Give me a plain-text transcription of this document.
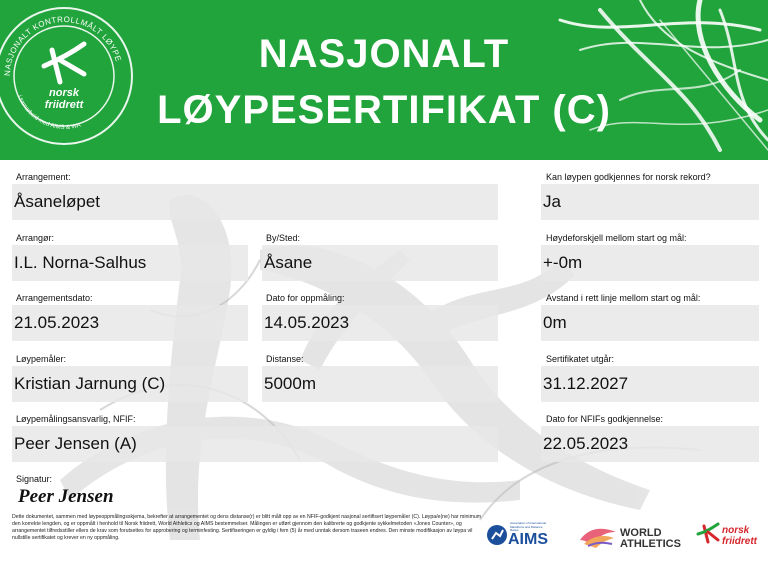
norsk
friidrett
NASJONALT KONTROLLMÅLT LØYPE
i samarbeid med AIMS & WA
NASJONALT
LØYPESERTIFIKAT (C)
Arrangement:
Åsaneløpet
Arrangør:
I.L. Norna-Salhus
Arrangementsdato:
21.05.2023
Løypemåler:
Kristian Jarnung (C)
Løypemålingsansvarlig, NFIF:
Peer Jensen (A)
By/Sted:
Åsane
Dato for oppmåling:
14.05.2023
Distanse:
5000m
Kan løypen godkjennes for norsk rekord?
Ja
Høydeforskjell mellom start og mål:
+-0m
Avstand i rett linje mellom start og mål:
0m
Sertifikatet utgår:
31.12.2027
Dato for NFIFs godkjennelse:
22.05.2023
Signatur:
Peer Jensen
Dette dokumentet, sammen med løypeoppmålingsskjema, bekrefter at arrangementet og dens distanse(r) er blitt målt opp av en NFIF-godkjent nasjonal sertifisert løypemåler (C). Løypa/e(ne) har minimum den korrekte lengden, og er oppmålt i henhold til Norsk friidrett, World Athletics og AIMS bestemmelser. Målingen er utført gjennom den kalibrerte og godkjente sykkelmetoden «Jones Counter», og arrangementet tilfredsstiller ellers de krav som forutsettes for approbering og terminfesting. Sertifiseringen er gyldig i fem (5) år med unntak dersom traseen endres. Den minste modifikasjon av løypa vil nullstille sertifikatet og krever en ny oppmåling.
Association of International Marathons and Distance Races
AIMS	WORLD
ATHLETICS
norsk
friidrett
